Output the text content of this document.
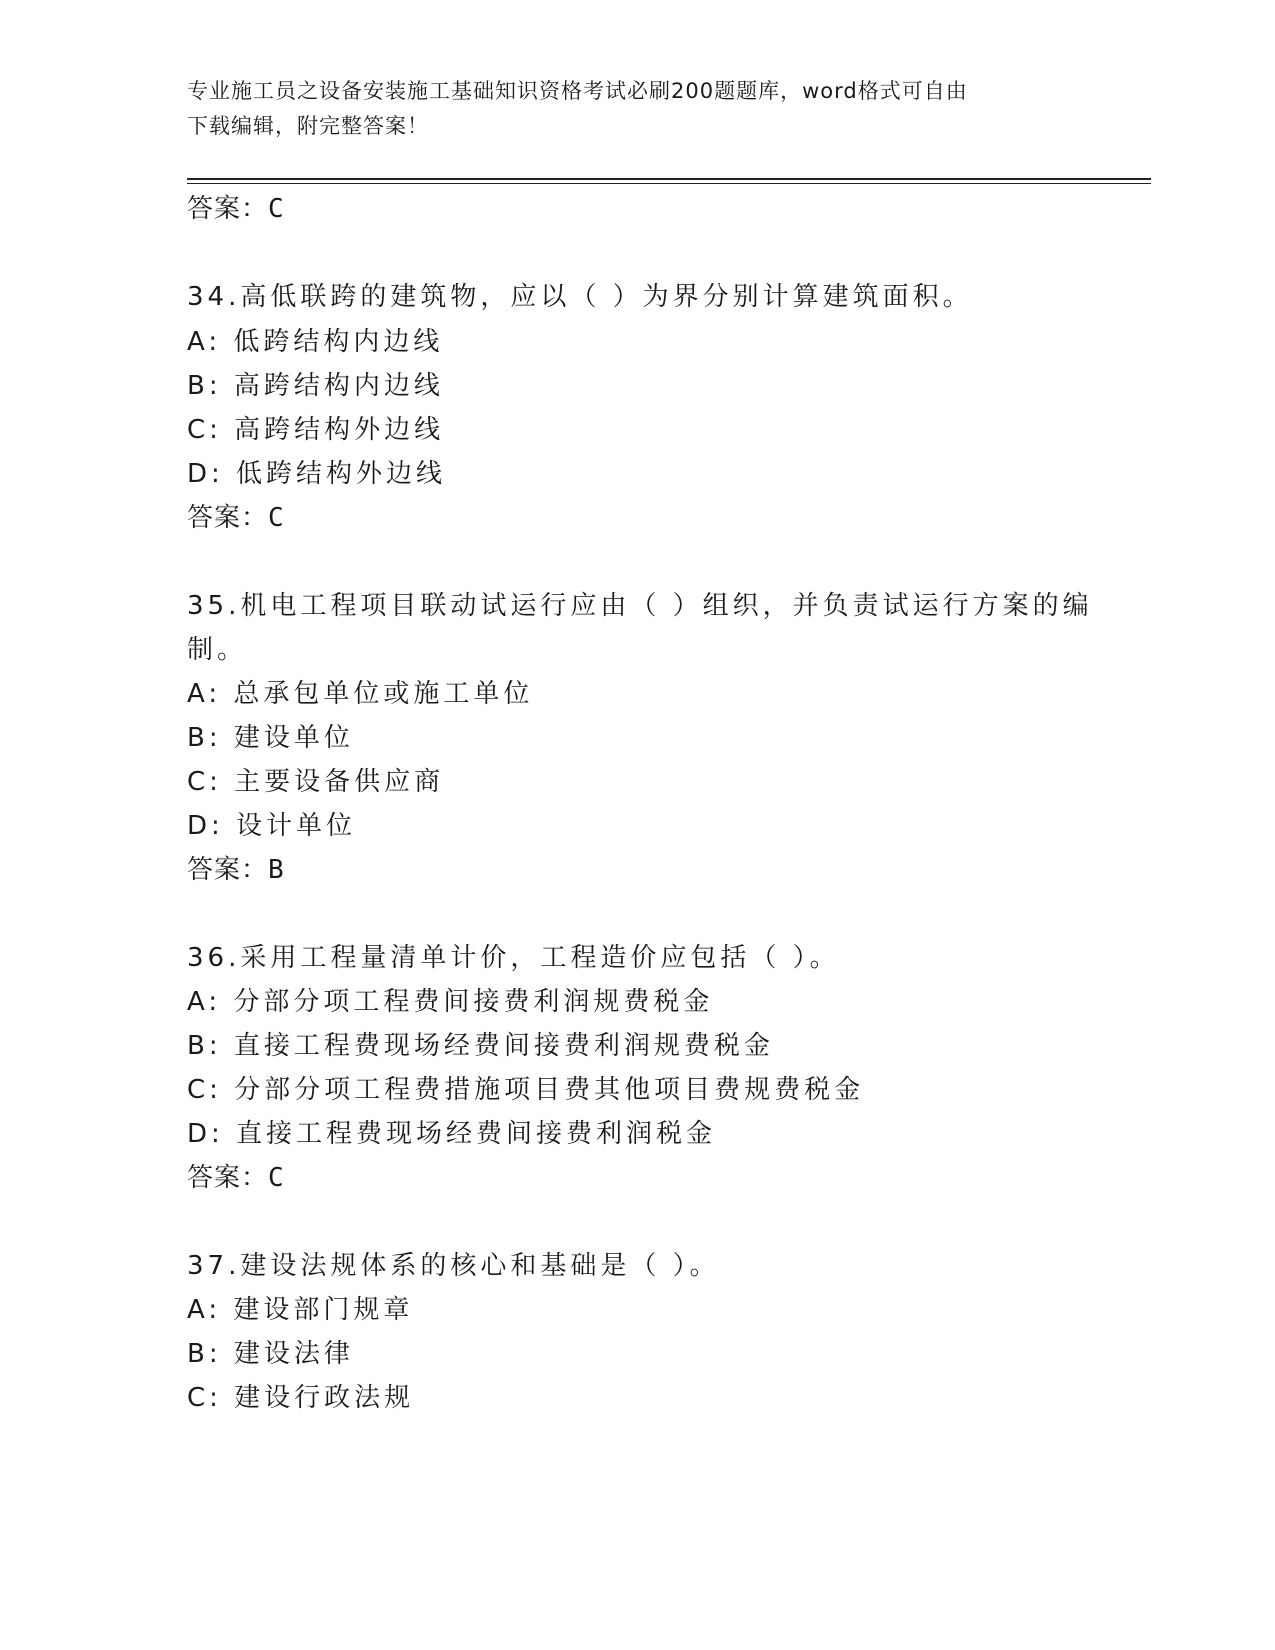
专业施工员之设备安装施工基础知识资格考试必刷200题题库，word格式可自由
下载编辑，附完整答案！
答案：C
34.高低联跨的建筑物，应以（ ）为界分别计算建筑面积。
A: 低跨结构内边线
B: 高跨结构内边线
C: 高跨结构外边线
D: 低跨结构外边线
答案：C
35.机电工程项目联动试运行应由（ ）组织，并负责试运行方案的编
制。
A: 总承包单位或施工单位
B: 建设单位
C: 主要设备供应商
D: 设计单位
答案：B
36.采用工程量清单计价，工程造价应包括（ ）。
A: 分部分项工程费间接费利润规费税金
B: 直接工程费现场经费间接费利润规费税金
C: 分部分项工程费措施项目费其他项目费规费税金
D: 直接工程费现场经费间接费利润税金
答案：C
37.建设法规体系的核心和基础是（ ）。
A: 建设部门规章
B: 建设法律
C: 建设行政法规
